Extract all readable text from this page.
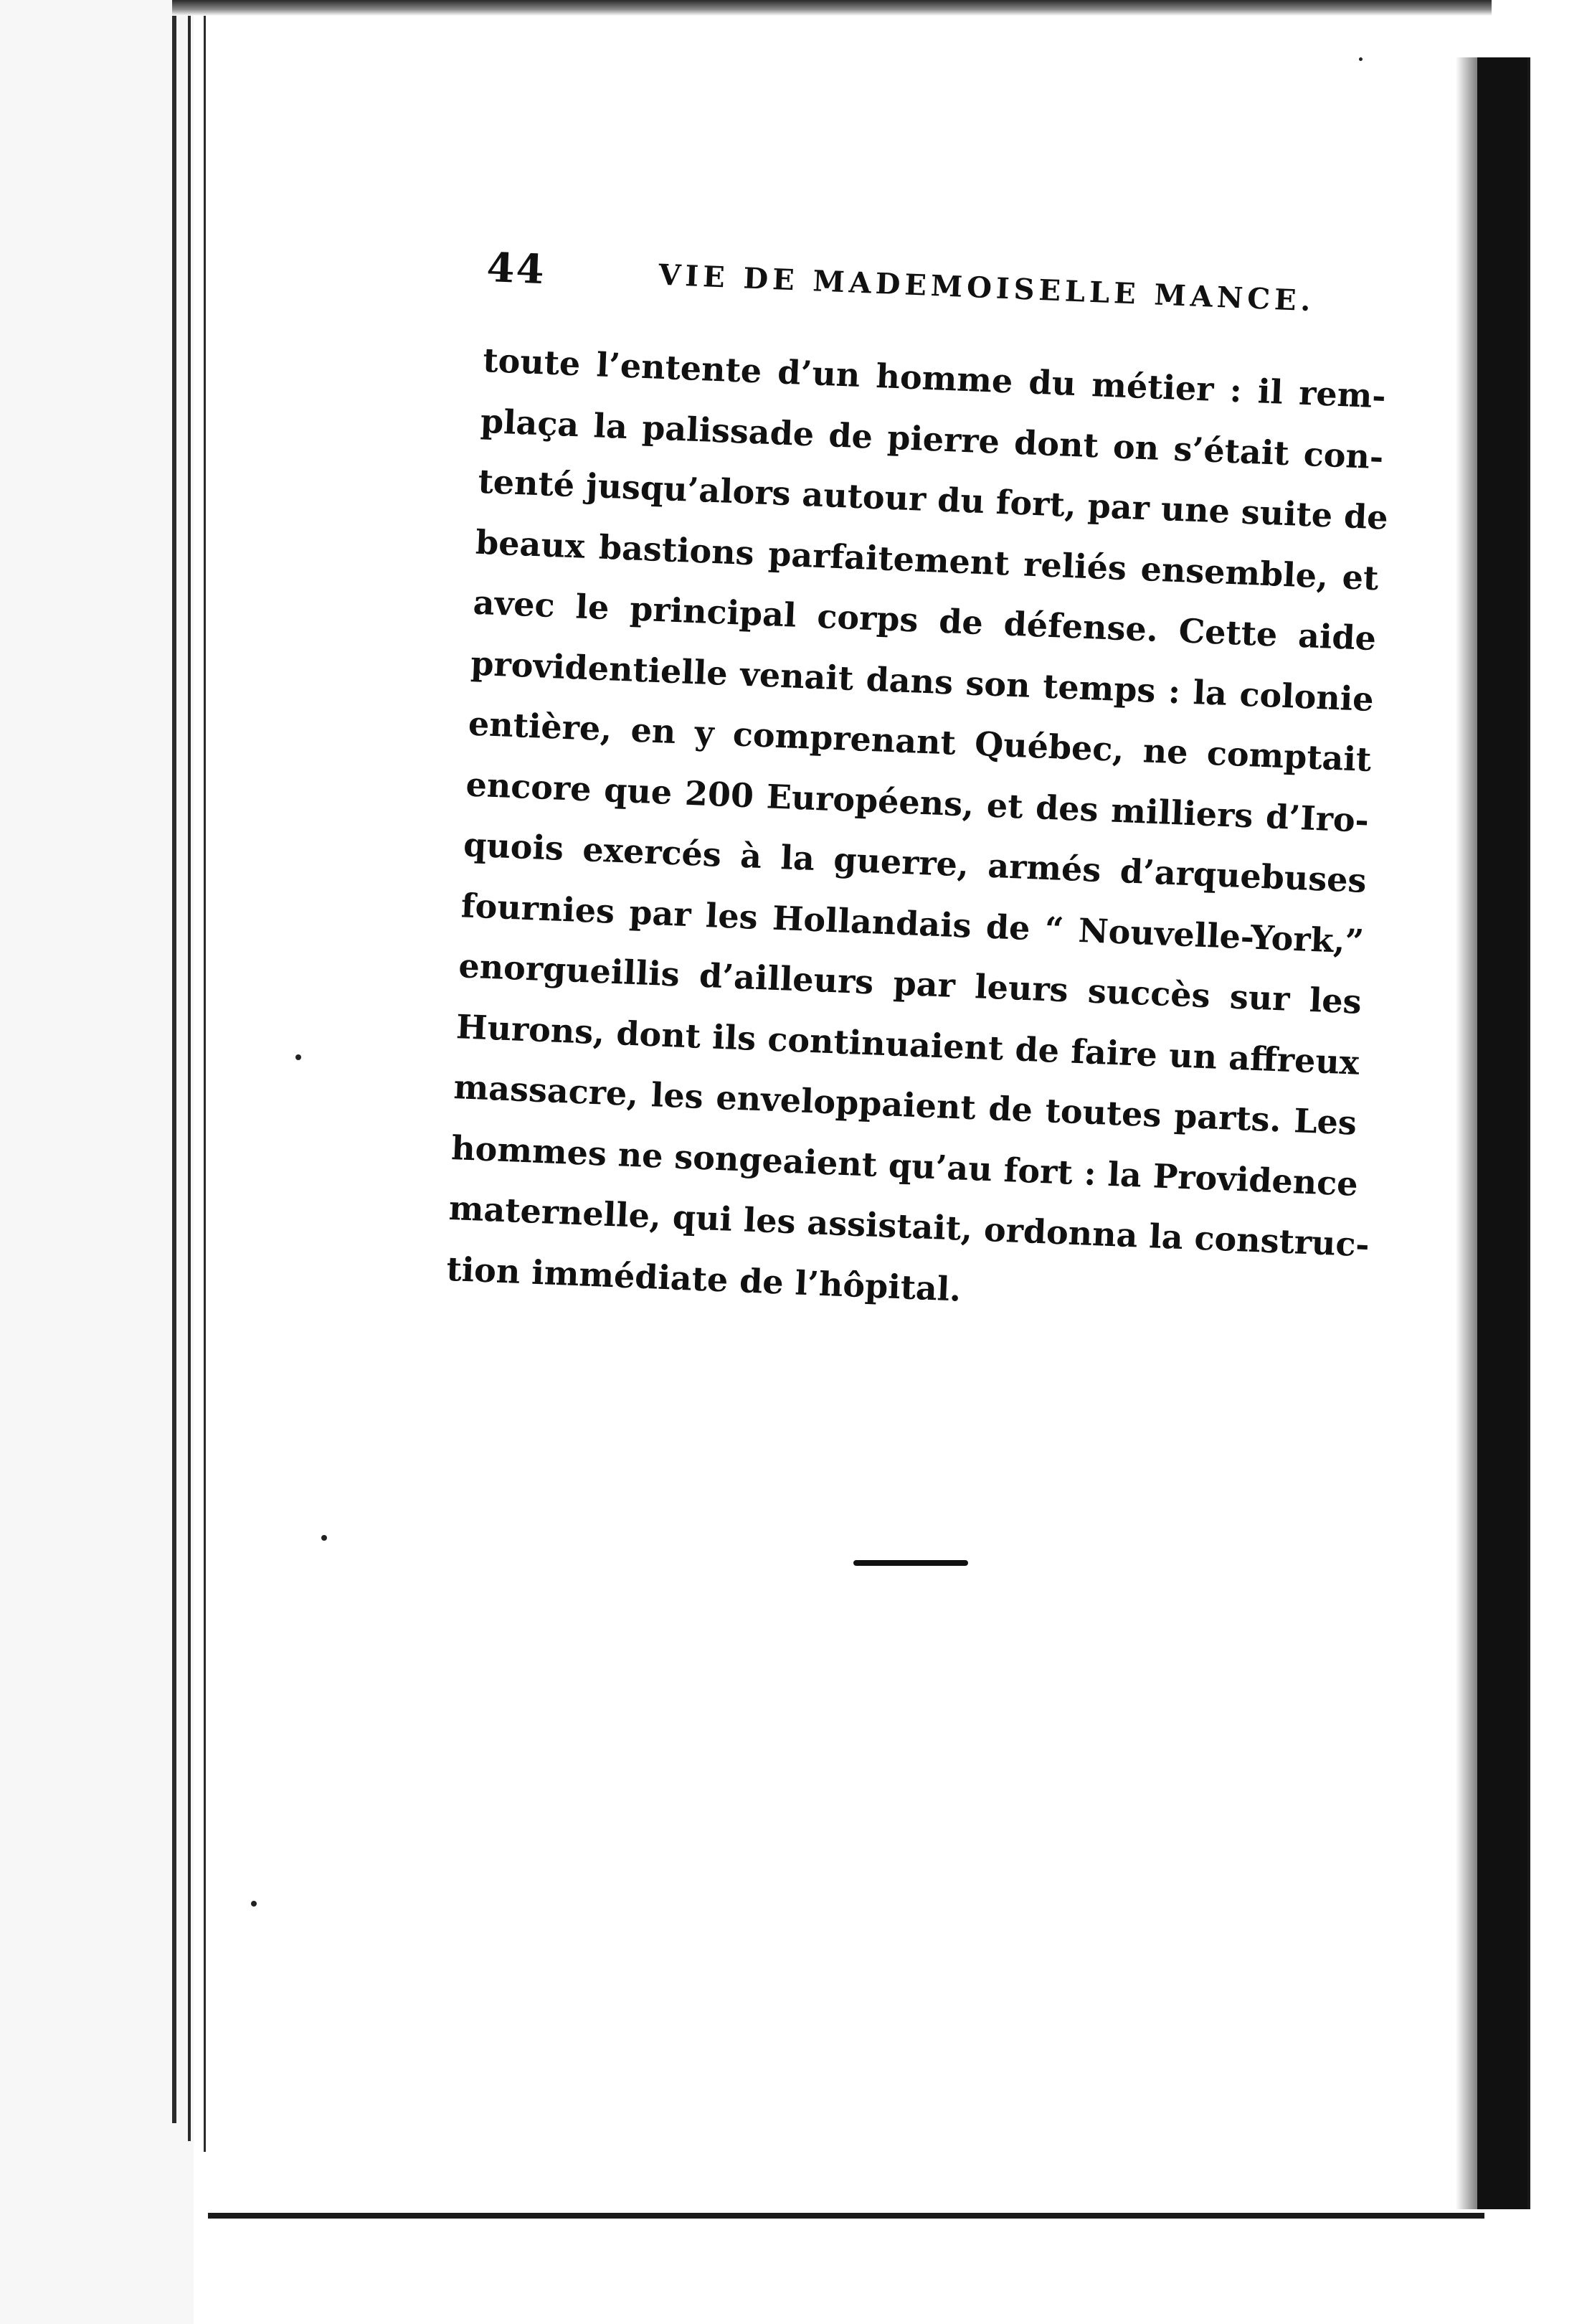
44	VIE DE MADEMOISELLE MANCE.
toute l’entente d’un homme du métier : il rem-
plaça la palissade de pierre dont on s’était con-
tenté jusqu’alors autour du fort, par une suite de
beaux bastions parfaitement reliés ensemble, et
avec le principal corps de défense. Cette aide
providentielle venait dans son temps : la colonie
entière, en y comprenant Québec, ne comptait
encore que 200 Européens, et des milliers d’Iro-
quois exercés à la guerre, armés d’arquebuses
fournies par les Hollandais de “ Nouvelle-York,”
enorgueillis d’ailleurs par leurs succès sur les
Hurons, dont ils continuaient de faire un affreux
massacre, les enveloppaient de toutes parts. Les
hommes ne songeaient qu’au fort : la Providence
maternelle, qui les assistait, ordonna la construc-
tion immédiate de l’hôpital.
